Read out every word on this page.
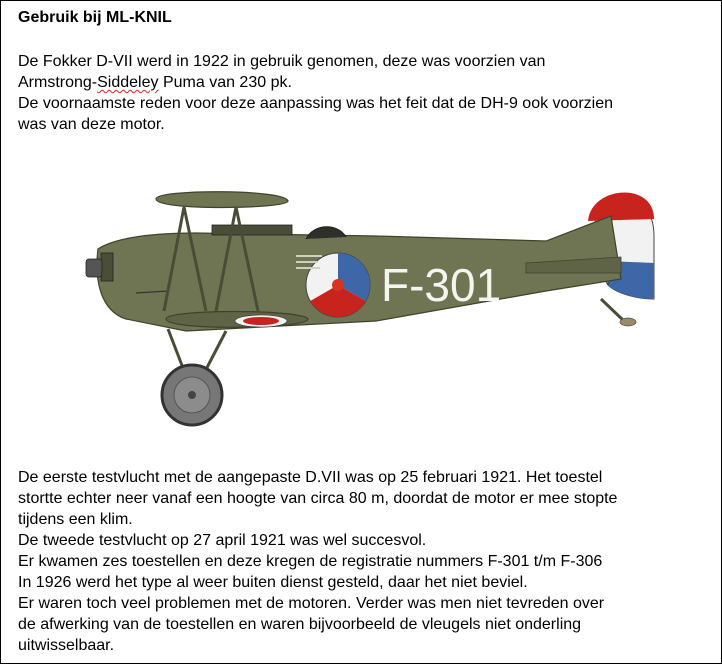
Gebruik bij ML-KNIL
De Fokker D-VII werd in 1922 in gebruik genomen, deze was voorzien van
Armstrong-Siddeley Puma van 230 pk.
De voornaamste reden voor deze aanpassing was het feit dat de DH-9 ook voorzien
was van deze motor.
F-301
De eerste testvlucht met de aangepaste D.VII was op 25 februari 1921. Het toestel
stortte echter neer vanaf een hoogte van circa 80 m, doordat de motor er mee stopte
tijdens een klim.
De tweede testvlucht op 27 april 1921 was wel succesvol.
Er kwamen zes toestellen en deze kregen de registratie nummers F-301 t/m F-306
In 1926 werd het type al weer buiten dienst gesteld, daar het niet beviel.
Er waren toch veel problemen met de motoren. Verder was men niet tevreden over
de afwerking van de toestellen en waren bijvoorbeeld de vleugels niet onderling
uitwisselbaar.
